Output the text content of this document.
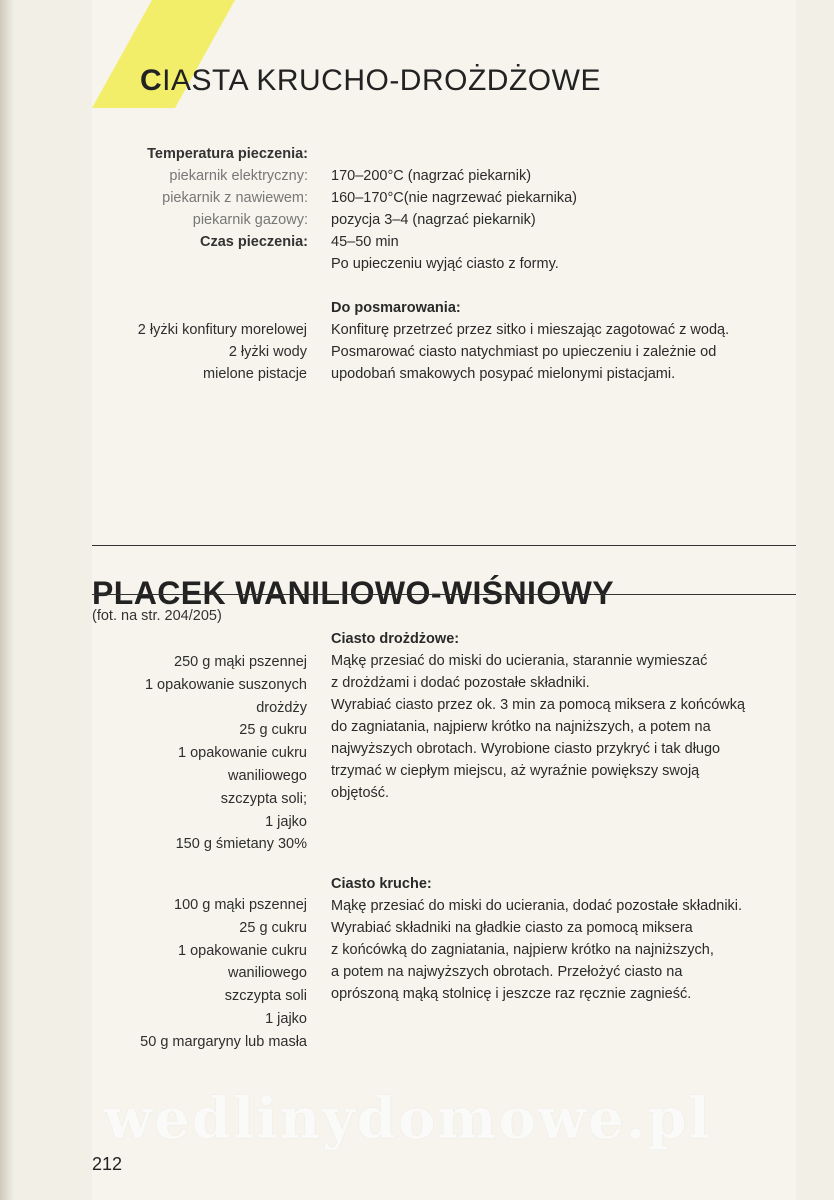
CIASTA KRUCHO-DROŻDŻOWE
Temperatura pieczenia:
piekarnik elektryczny:
piekarnik z nawiewem:
piekarnik gazowy:
Czas pieczenia:
170–200°C (nagrzać piekarnik)
160–170°C(nie nagrzewać piekarnika)
pozycja 3–4 (nagrzać piekarnik)
45–50 min
Po upieczeniu wyjąć ciasto z formy.
Do posmarowania:
Konfiturę przetrzeć przez sitko i mieszając zagotować z wodą.
Posmarować ciasto natychmiast po upieczeniu i zależnie od
upodobań smakowych posypać mielonymi pistacjami.
2 łyżki konfitury morelowej
2 łyżki wody
mielone pistacje
PLACEK WANILIOWO-WIŚNIOWY
(fot. na str. 204/205)
Ciasto drożdżowe:
Mąkę przesiać do miski do ucierania, starannie wymieszać
z drożdżami i dodać pozostałe składniki.
Wyrabiać ciasto przez ok. 3 min za pomocą miksera z końcówką
do zagniatania, najpierw krótko na najniższych, a potem na
najwyższych obrotach. Wyrobione ciasto przykryć i tak długo
trzymać w ciepłym miejscu, aż wyraźnie powiększy swoją
objętość.
250 g mąki pszennej
1 opakowanie suszonych
drożdży
25 g cukru
1 opakowanie cukru
waniliowego
szczypta soli;
1 jajko
150 g śmietany 30%
Ciasto kruche:
Mąkę przesiać do miski do ucierania, dodać pozostałe składniki.
Wyrabiać składniki na gładkie ciasto za pomocą miksera
z końcówką do zagniatania, najpierw krótko na najniższych,
a potem na najwyższych obrotach. Przełożyć ciasto na
oprószoną mąką stolnicę i jeszcze raz ręcznie zagnieść.
100 g mąki pszennej
25 g cukru
1 opakowanie cukru
waniliowego
szczypta soli
1 jajko
50 g margaryny lub masła
wedlinydomowe.pl
212
